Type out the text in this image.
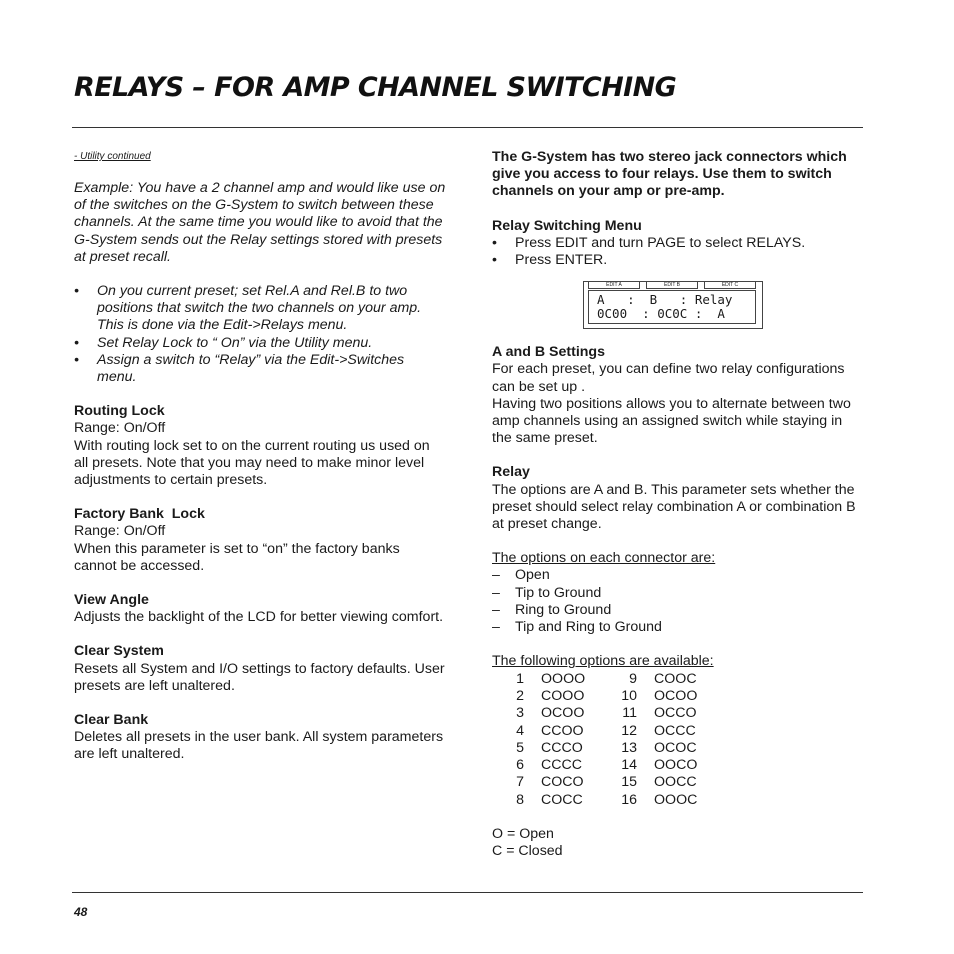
RELAYS – FOR AMP CHANNEL SWITCHING

- Utility continued

Example: You have a 2 channel amp and would like use on of the switches on the G-System to switch between these channels. At the same time you would like to avoid that the G-System sends out the Relay settings stored with presets at preset recall.

• On you current preset; set Rel.A and Rel.B to two positions that switch the two channels on your amp. This is done via the Edit->Relays menu.
• Set Relay Lock to “ On” via the Utility menu.
• Assign a switch to “Relay” via the Edit->Switches menu.

Routing Lock

Range: On/Off

With routing lock set to on the current routing us used on all presets. Note that you may need to make minor level adjustments to certain presets.

Factory Bank  Lock

Range: On/Off

When this parameter is set to “on” the factory banks cannot be accessed.

View Angle

Adjusts the backlight of the LCD for better viewing comfort.

Clear System

Resets all System and I/O settings to factory defaults. User presets are left unaltered.

Clear Bank

Deletes all presets in the user bank. All system parameters are left unaltered.

The G-System has two stereo jack connectors which give you access to four relays. Use them to switch channels on your amp or pre-amp.

Relay Switching Menu

• Press EDIT and turn PAGE to select RELAYS.
• Press ENTER.
EDIT A	EDIT B	EDIT C
A   :  B   : Relay
0C00  : 0C0C :  A

A and B Settings

For each preset, you can define two relay configurations can be set up .

Having two positions allows you to alternate between two amp channels using an assigned switch while staying in the same preset.

Relay

The options are A and B. This parameter sets whether the preset should select relay combination A or combination B at preset change.

The options on each connector are:

– Open
– Tip to Ground
– Ring to Ground
– Tip and Ring to Ground

The following options are available:

1	OOOO	9	COOC
2	COOO	10	OCOO
3	OCOO	11	OCCO
4	CCOO	12	OCCC
5	CCCO	13	OCOC
6	CCCC	14	OOCO
7	COCO	15	OOCC
8	COCC	16	OOOC

O = Open

C = Closed

48
